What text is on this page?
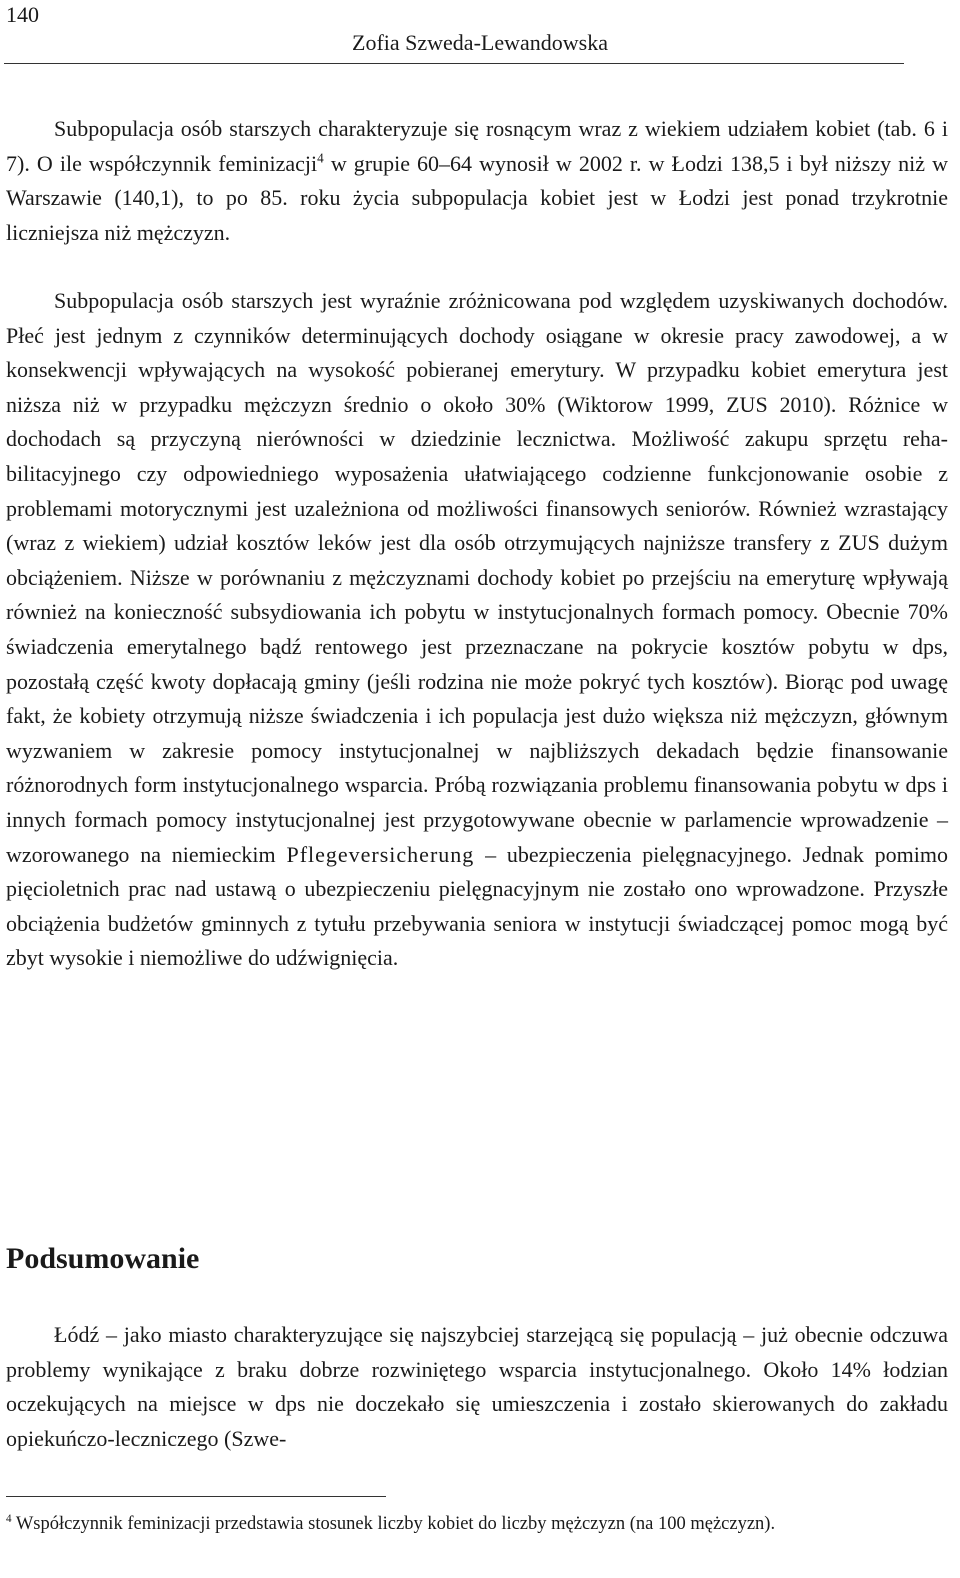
140
Zofia Szweda-Lewandowska

Subpopulacja osób starszych charakteryzuje się rosnącym wraz z wiekiem udziałem kobiet (tab. 6 i 7). O ile współczynnik feminizacji$^4$ w grupie 60–64 wynosił w 2002 r. w Łodzi 138,5 i był niższy niż w Warszawie (140,1), to po 85. roku życia subpopulacja kobiet jest w Łodzi jest ponad trzykrotnie liczniejsza niż mężczyzn.

Subpopulacja osób starszych jest wyraźnie zróżnicowana pod względem uzyskiwanych dochodów. Płeć jest jednym z czynników determinujących dochody osiągane w okresie pracy zawodowej, a w konsekwencji wpływających na wysokość pobieranej emerytury. W przypadku kobiet emerytura jest niższa niż w przypadku mężczyzn średnio o około 30% (Wiktorow 1999, ZUS 2010). Różnice w dochodach są przyczyną nierówności w dziedzinie lecznictwa. Możliwość zakupu sprzętu rehabilitacyjnego czy odpowiedniego wyposażenia ułatwiającego codzienne funkcjonowanie osobie z problemami motorycznymi jest uzależniona od możliwości finansowych seniorów. Również wzrastający (wraz z wiekiem) udział kosztów leków jest dla osób otrzymujących najniższe transfery z ZUS dużym obciążeniem. Niższe w porównaniu z mężczyznami dochody kobiet po przejściu na emeryturę wpływają również na konieczność subsydiowania ich pobytu w instytucjonalnych formach pomocy. Obecnie 70% świadczenia emerytalnego bądź rentowego jest przeznaczane na pokrycie kosztów pobytu w dps, pozostałą część kwoty dopłacają gminy (jeśli rodzina nie może pokryć tych kosztów). Biorąc pod uwagę fakt, że kobiety otrzymują niższe świadczenia i ich populacja jest dużo większa niż mężczyzn, głównym wyzwaniem w zakresie pomocy instytucjonalnej w najbliższych dekadach będzie finansowanie różnorodnych form instytucjonalnego wsparcia. Próbą rozwiązania problemu finansowania pobytu w dps i innych formach pomocy instytucjonalnej jest przygotowywane obecnie w parlamencie wprowadzenie – wzorowanego na niemieckim Pflegeversicherung – ubezpieczenia pielęgnacyjnego. Jednak pomimo pięcioletnich prac nad ustawą o ubezpieczeniu pielęgnacyjnym nie zostało ono wprowadzone. Przyszłe obciążenia budżetów gminnych z tytułu przebywania seniora w instytucji świadczącej pomoc mogą być zbyt wysokie i niemożliwe do udźwignięcia.

Podsumowanie

Łódź – jako miasto charakteryzujące się najszybciej starzejącą się populacją – już obecnie odczuwa problemy wynikające z braku dobrze rozwiniętego wsparcia instytucjonalnego. Około 14% łodzian oczekujących na miejsce w dps nie doczekało się umieszczenia i zostało skierowanych do zakładu opiekuńczo-leczniczego (Szwe-

$^4$ Współczynnik feminizacji przedstawia stosunek liczby kobiet do liczby mężczyzn (na 100 mężczyzn).
